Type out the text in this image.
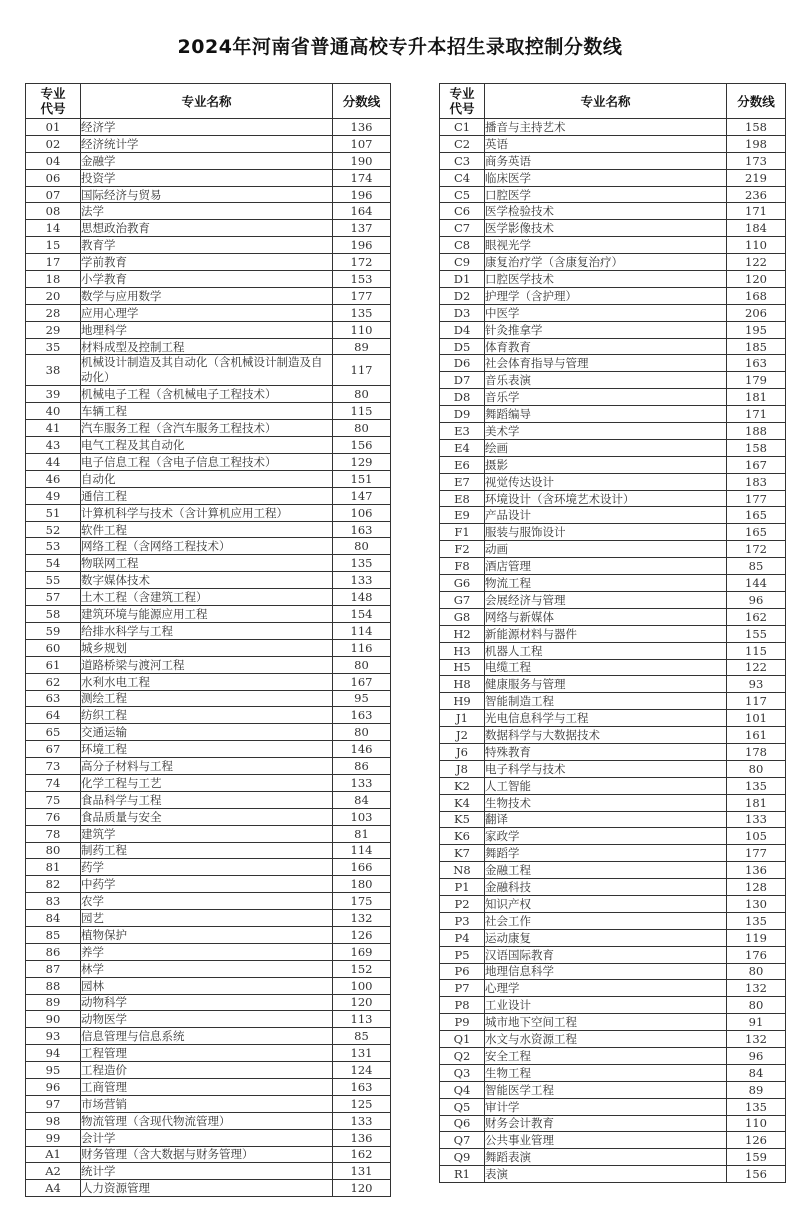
2024年河南省普通高校专升本招生录取控制分数线
专业
代号	专业名称	分数线
01	经济学	136
02	经济统计学	107
04	金融学	190
06	投资学	174
07	国际经济与贸易	196
08	法学	164
14	思想政治教育	137
15	教育学	196
17	学前教育	172
18	小学教育	153
20	数学与应用数学	177
28	应用心理学	135
29	地理科学	110
35	材料成型及控制工程	89
38	机械设计制造及其自动化（含机械设计制造及自动化）	117
39	机械电子工程（含机械电子工程技术）	80
40	车辆工程	115
41	汽车服务工程（含汽车服务工程技术）	80
43	电气工程及其自动化	156
44	电子信息工程（含电子信息工程技术）	129
46	自动化	151
49	通信工程	147
51	计算机科学与技术（含计算机应用工程）	106
52	软件工程	163
53	网络工程（含网络工程技术）	80
54	物联网工程	135
55	数字媒体技术	133
57	土木工程（含建筑工程）	148
58	建筑环境与能源应用工程	154
59	给排水科学与工程	114
60	城乡规划	116
61	道路桥梁与渡河工程	80
62	水利水电工程	167
63	测绘工程	95
64	纺织工程	163
65	交通运输	80
67	环境工程	146
73	高分子材料与工程	86
74	化学工程与工艺	133
75	食品科学与工程	84
76	食品质量与安全	103
78	建筑学	81
80	制药工程	114
81	药学	166
82	中药学	180
83	农学	175
84	园艺	132
85	植物保护	126
86	养学	169
87	林学	152
88	园林	100
89	动物科学	120
90	动物医学	113
93	信息管理与信息系统	85
94	工程管理	131
95	工程造价	124
96	工商管理	163
97	市场营销	125
98	物流管理（含现代物流管理）	133
99	会计学	136
A1	财务管理（含大数据与财务管理）	162
A2	统计学	131
A4	人力资源管理	120
专业
代号	专业名称	分数线
C1	播音与主持艺术	158
C2	英语	198
C3	商务英语	173
C4	临床医学	219
C5	口腔医学	236
C6	医学检验技术	171
C7	医学影像技术	184
C8	眼视光学	110
C9	康复治疗学（含康复治疗）	122
D1	口腔医学技术	120
D2	护理学（含护理）	168
D3	中医学	206
D4	针灸推拿学	195
D5	体育教育	185
D6	社会体育指导与管理	163
D7	音乐表演	179
D8	音乐学	181
D9	舞蹈编导	171
E3	美术学	188
E4	绘画	158
E6	摄影	167
E7	视觉传达设计	183
E8	环境设计（含环境艺术设计）	177
E9	产品设计	165
F1	服装与服饰设计	165
F2	动画	172
F8	酒店管理	85
G6	物流工程	144
G7	会展经济与管理	96
G8	网络与新媒体	162
H2	新能源材料与器件	155
H3	机器人工程	115
H5	电缆工程	122
H8	健康服务与管理	93
H9	智能制造工程	117
J1	光电信息科学与工程	101
J2	数据科学与大数据技术	161
J6	特殊教育	178
J8	电子科学与技术	80
K2	人工智能	135
K4	生物技术	181
K5	翻译	133
K6	家政学	105
K7	舞蹈学	177
N8	金融工程	136
P1	金融科技	128
P2	知识产权	130
P3	社会工作	135
P4	运动康复	119
P5	汉语国际教育	176
P6	地理信息科学	80
P7	心理学	132
P8	工业设计	80
P9	城市地下空间工程	91
Q1	水文与水资源工程	132
Q2	安全工程	96
Q3	生物工程	84
Q4	智能医学工程	89
Q5	审计学	135
Q6	财务会计教育	110
Q7	公共事业管理	126
Q9	舞蹈表演	159
R1	表演	156
